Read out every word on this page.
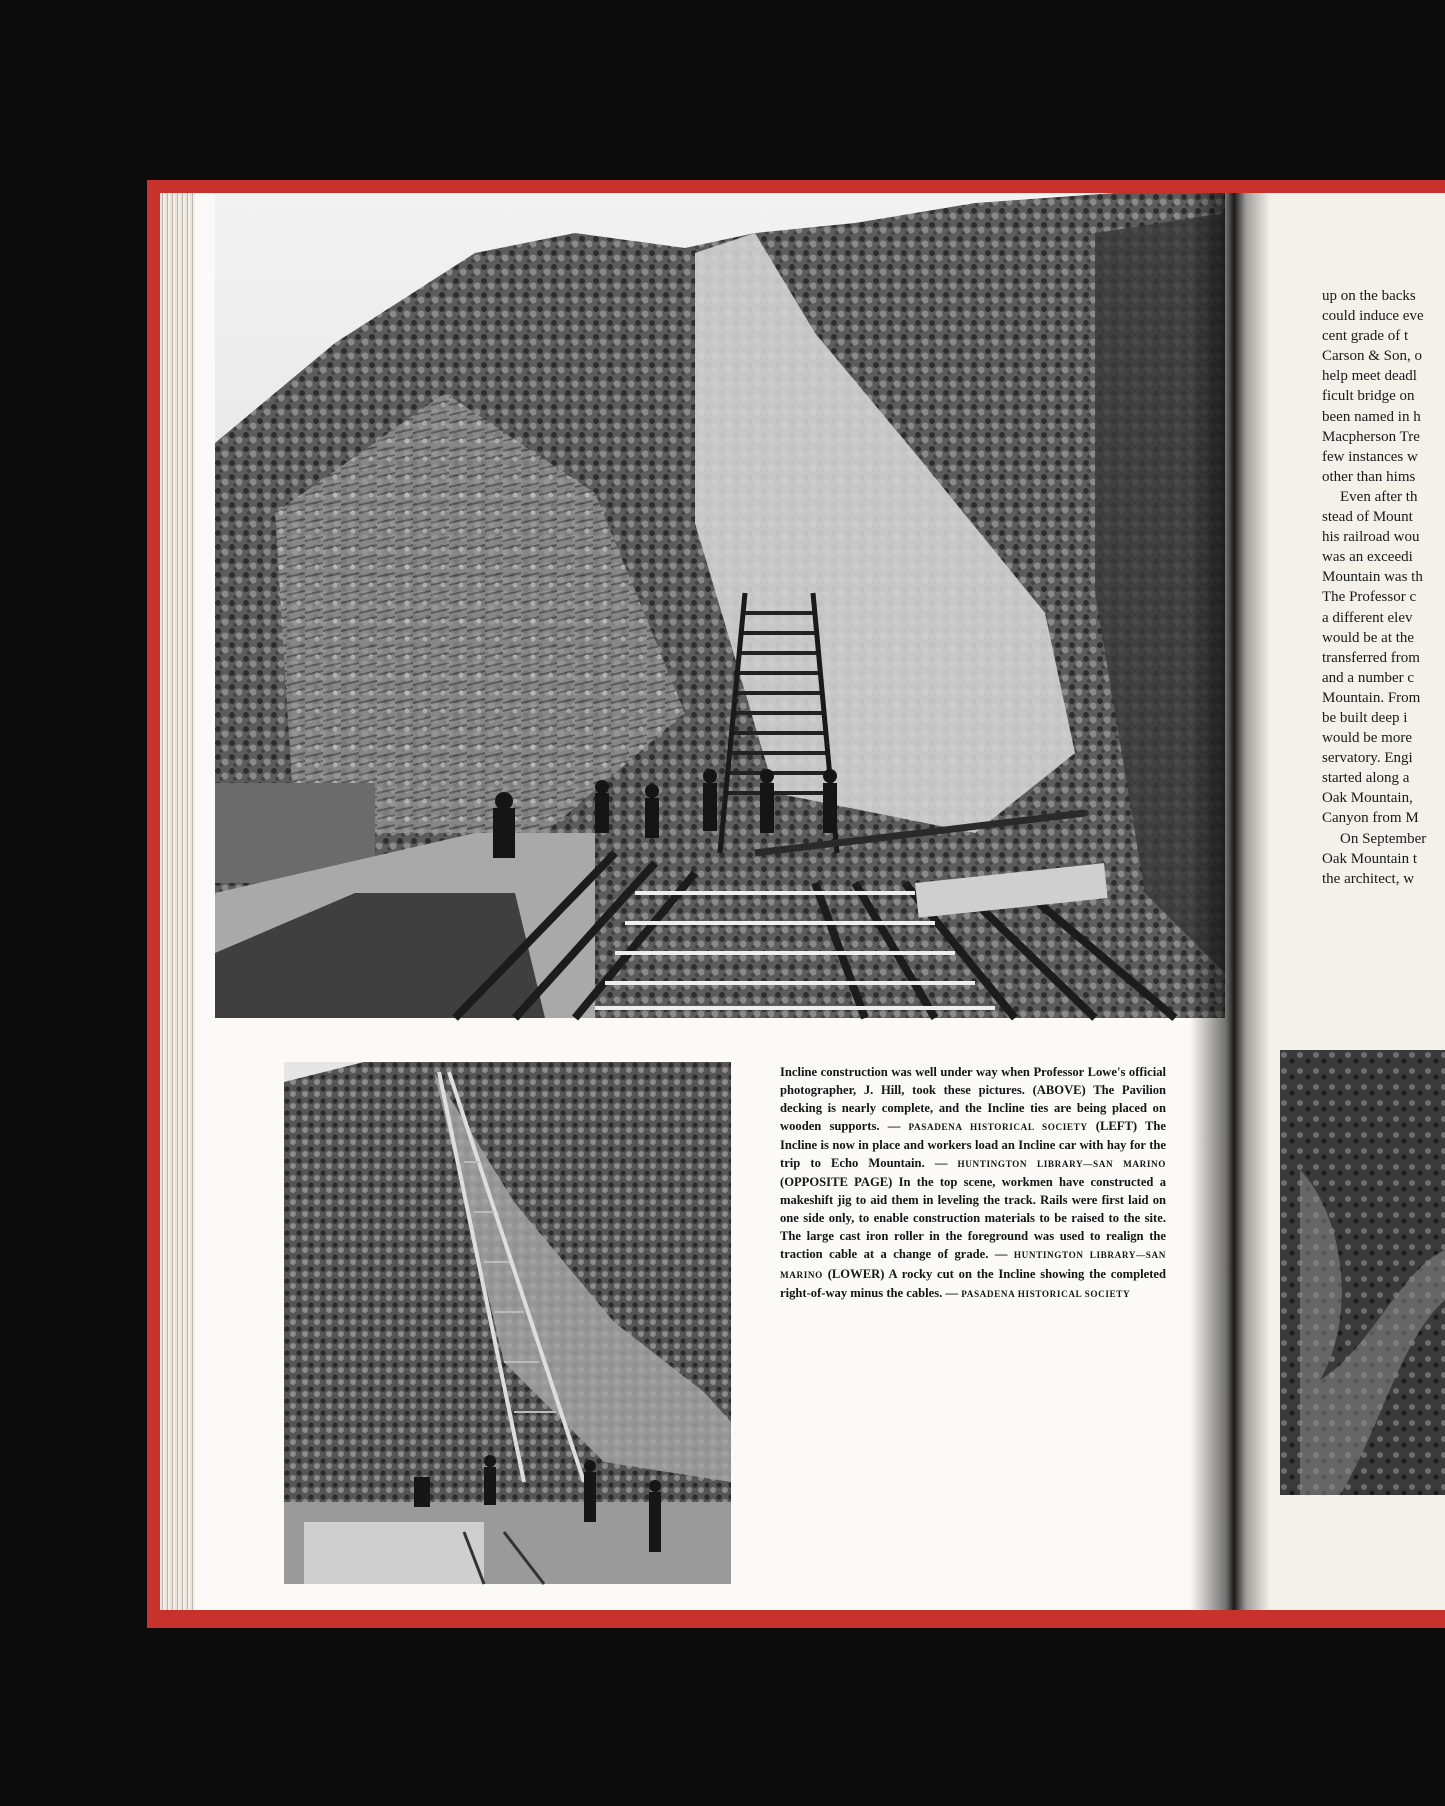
Incline construction was well under way when Professor Lowe's official photographer, J. Hill, took these pictures. (ABOVE) The Pavilion decking is nearly complete, and the Incline ties are being placed on wooden supports. — PASADENA HISTORICAL SOCIETY (LEFT) The Incline is now in place and workers load an Incline car with hay for the trip to Echo Mountain. — HUNTINGTON LIBRARY—SAN MARINO (OPPOSITE PAGE) In the top scene, workmen have constructed a makeshift jig to aid them in leveling the track. Rails were first laid on one side only, to enable construction materials to be raised to the site. The large cast iron roller in the foreground was used to realign the traction cable at a change of grade. — HUNTINGTON LIBRARY—SAN MARINO (LOWER) A rocky cut on the Incline showing the completed right-of-way minus the cables. — PASADENA HISTORICAL SOCIETY

up on the backs

could induce eve

cent grade of t

Carson & Son, o

help meet deadl

ficult bridge on

been named in h

Macpherson Tre

few instances w

other than hims

Even after th

stead of Mount

his railroad wou

was an exceedi

Mountain was th

The Professor c

a different elev

would be at the

transferred from

and a number c

Mountain. From

be built deep i

would be more

servatory. Engi

started along a

Oak Mountain,

Canyon from M

On September

Oak Mountain t

the architect, w
